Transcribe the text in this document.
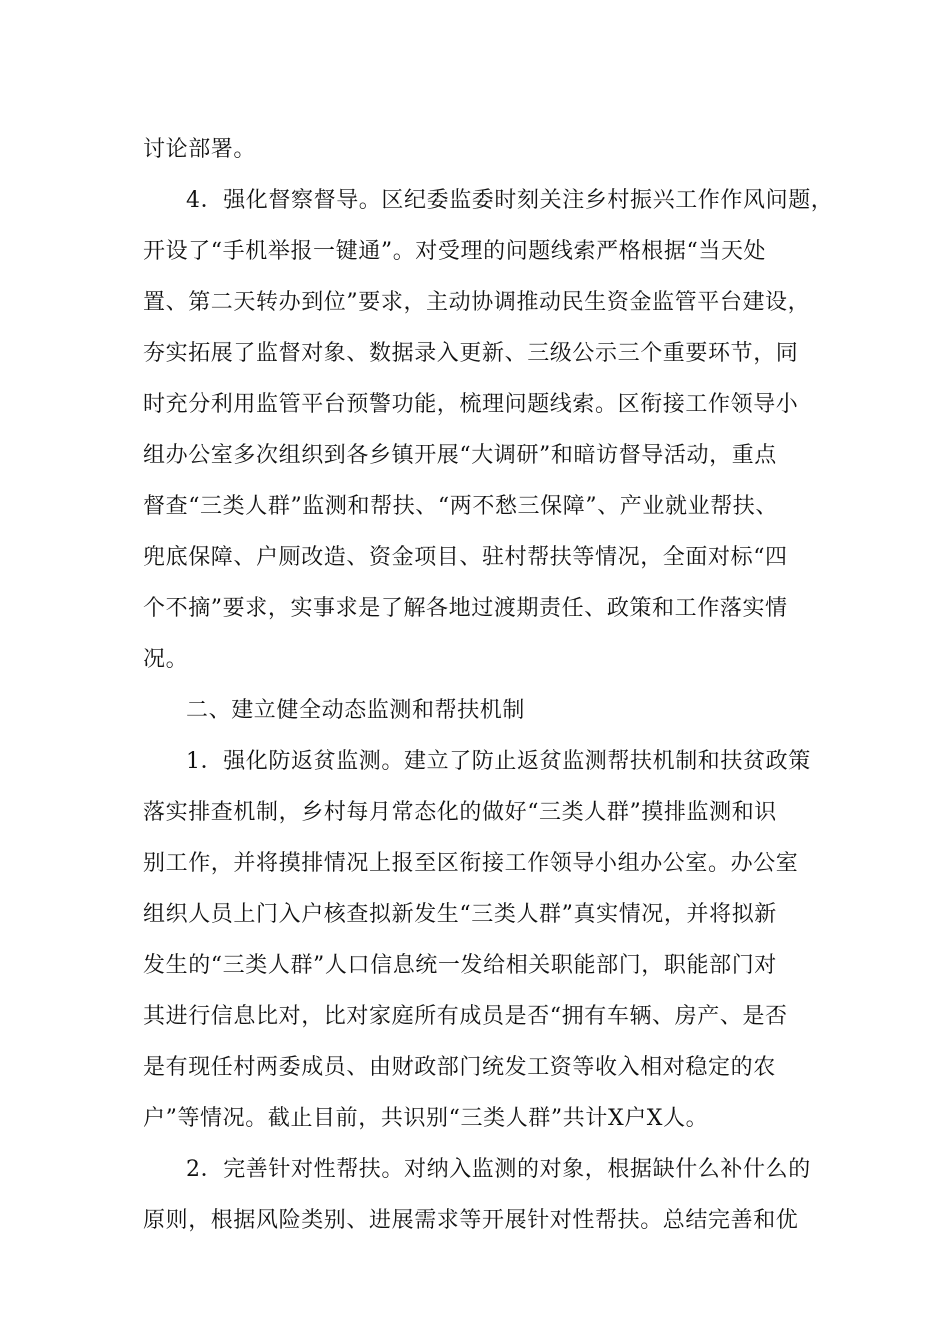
讨论部署。
4．强化督察督导。区纪委监委时刻关注乡村振兴工作作风问题，
开设了“手机举报一键通”。对受理的问题线索严格根据“当天处
置、第二天转办到位”要求，主动协调推动民生资金监管平台建设，
夯实拓展了监督对象、数据录入更新、三级公示三个重要环节，同
时充分利用监管平台预警功能，梳理问题线索。区衔接工作领导小
组办公室多次组织到各乡镇开展“大调研”和暗访督导活动，重点
督查“三类人群”监测和帮扶、“两不愁三保障”、产业就业帮扶、
兜底保障、户厕改造、资金项目、驻村帮扶等情况，全面对标“四
个不摘”要求，实事求是了解各地过渡期责任、政策和工作落实情
况。
二、建立健全动态监测和帮扶机制
1．强化防返贫监测。建立了防止返贫监测帮扶机制和扶贫政策
落实排查机制，乡村每月常态化的做好“三类人群”摸排监测和识
别工作，并将摸排情况上报至区衔接工作领导小组办公室。办公室
组织人员上门入户核查拟新发生“三类人群”真实情况，并将拟新
发生的“三类人群”人口信息统一发给相关职能部门，职能部门对
其进行信息比对，比对家庭所有成员是否“拥有车辆、房产、是否
是有现任村两委成员、由财政部门统发工资等收入相对稳定的农
户”等情况。截止目前，共识别“三类人群”共计X户X人。
2．完善针对性帮扶。对纳入监测的对象，根据缺什么补什么的
原则，根据风险类别、进展需求等开展针对性帮扶。总结完善和优
